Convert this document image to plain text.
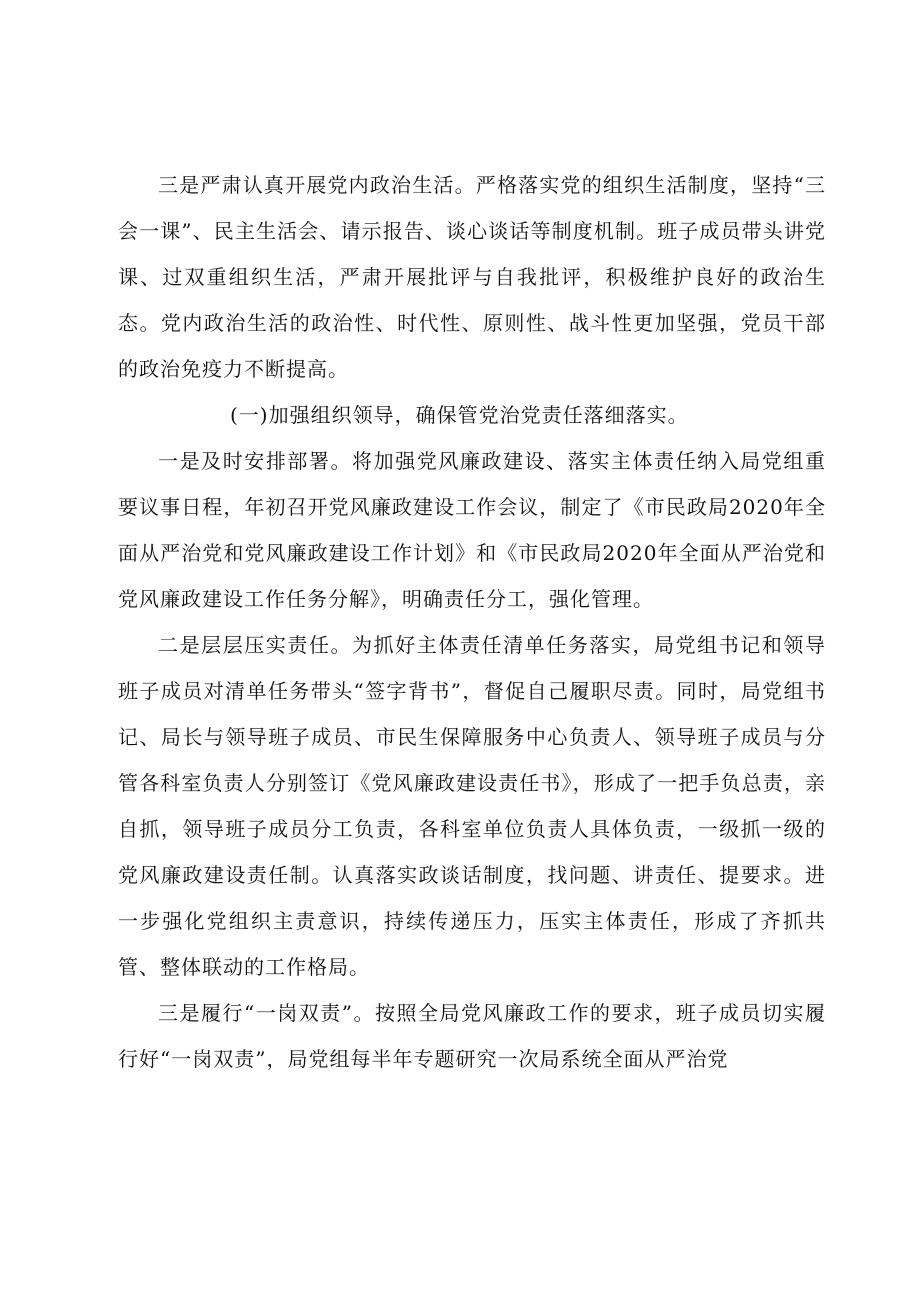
三是严肃认真开展党内政治生活。严格落实党的组织生活制度，坚持“三会一课”、民主生活会、请示报告、谈心谈话等制度机制。班子成员带头讲党课、过双重组织生活，严肃开展批评与自我批评，积极维护良好的政治生态。党内政治生活的政治性、时代性、原则性、战斗性更加坚强，党员干部的政治免疫力不断提高。

(一)加强组织领导，确保管党治党责任落细落实。

一是及时安排部署。将加强党风廉政建设、落实主体责任纳入局党组重要议事日程，年初召开党风廉政建设工作会议，制定了《市民政局2020年全面从严治党和党风廉政建设工作计划》和《市民政局2020年全面从严治党和党风廉政建设工作任务分解》，明确责任分工，强化管理。

二是层层压实责任。为抓好主体责任清单任务落实，局党组书记和领导班子成员对清单任务带头“签字背书”，督促自己履职尽责。同时，局党组书记、局长与领导班子成员、市民生保障服务中心负责人、领导班子成员与分管各科室负责人分别签订《党风廉政建设责任书》，形成了一把手负总责，亲自抓，领导班子成员分工负责，各科室单位负责人具体负责，一级抓一级的党风廉政建设责任制。认真落实政谈话制度，找问题、讲责任、提要求。进一步强化党组织主责意识，持续传递压力，压实主体责任，形成了齐抓共管、整体联动的工作格局。

三是履行“一岗双责”。按照全局党风廉政工作的要求，班子成员切实履行好“一岗双责”，局党组每半年专题研究一次局系统全面从严治党
